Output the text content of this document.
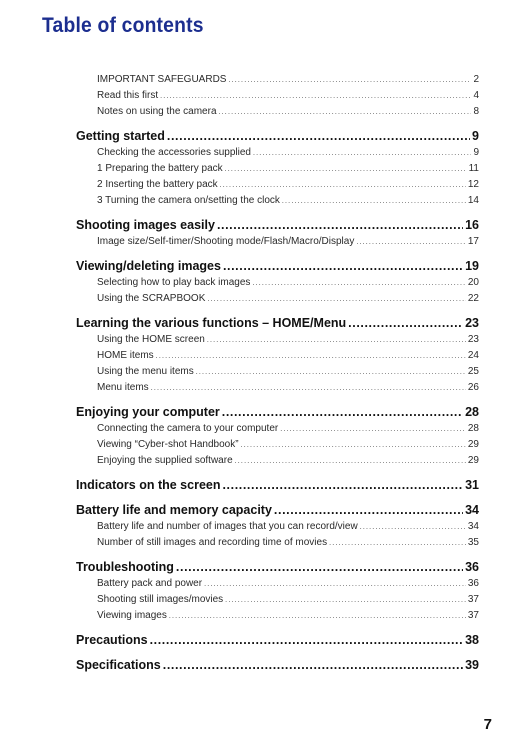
Table of contents
IMPORTANT SAFEGUARDS .....	2
Read this first .....	4
Notes on using the camera .....	8
Getting started .....	9
Checking the accessories supplied .....	9
1 Preparing the battery pack .....	11
2 Inserting the battery pack .....	12
3 Turning the camera on/setting the clock .....	14
Shooting images easily .....	16
Image size/Self-timer/Shooting mode/Flash/Macro/Display .....	17
Viewing/deleting images .....	19
Selecting how to play back images .....	20
Using the SCRAPBOOK .....	22
Learning the various functions – HOME/Menu .....	23
Using the HOME screen .....	23
HOME items .....	24
Using the menu items .....	25
Menu items .....	26
Enjoying your computer .....	28
Connecting the camera to your computer .....	28
Viewing “Cyber-shot Handbook” .....	29
Enjoying the supplied software .....	29
Indicators on the screen .....	31
Battery life and memory capacity .....	34
Battery life and number of images that you can record/view .....	34
Number of still images and recording time of movies .....	35
Troubleshooting .....	36
Battery pack and power .....	36
Shooting still images/movies .....	37
Viewing images .....	37
Precautions .....	38
Specifications .....	39
7
